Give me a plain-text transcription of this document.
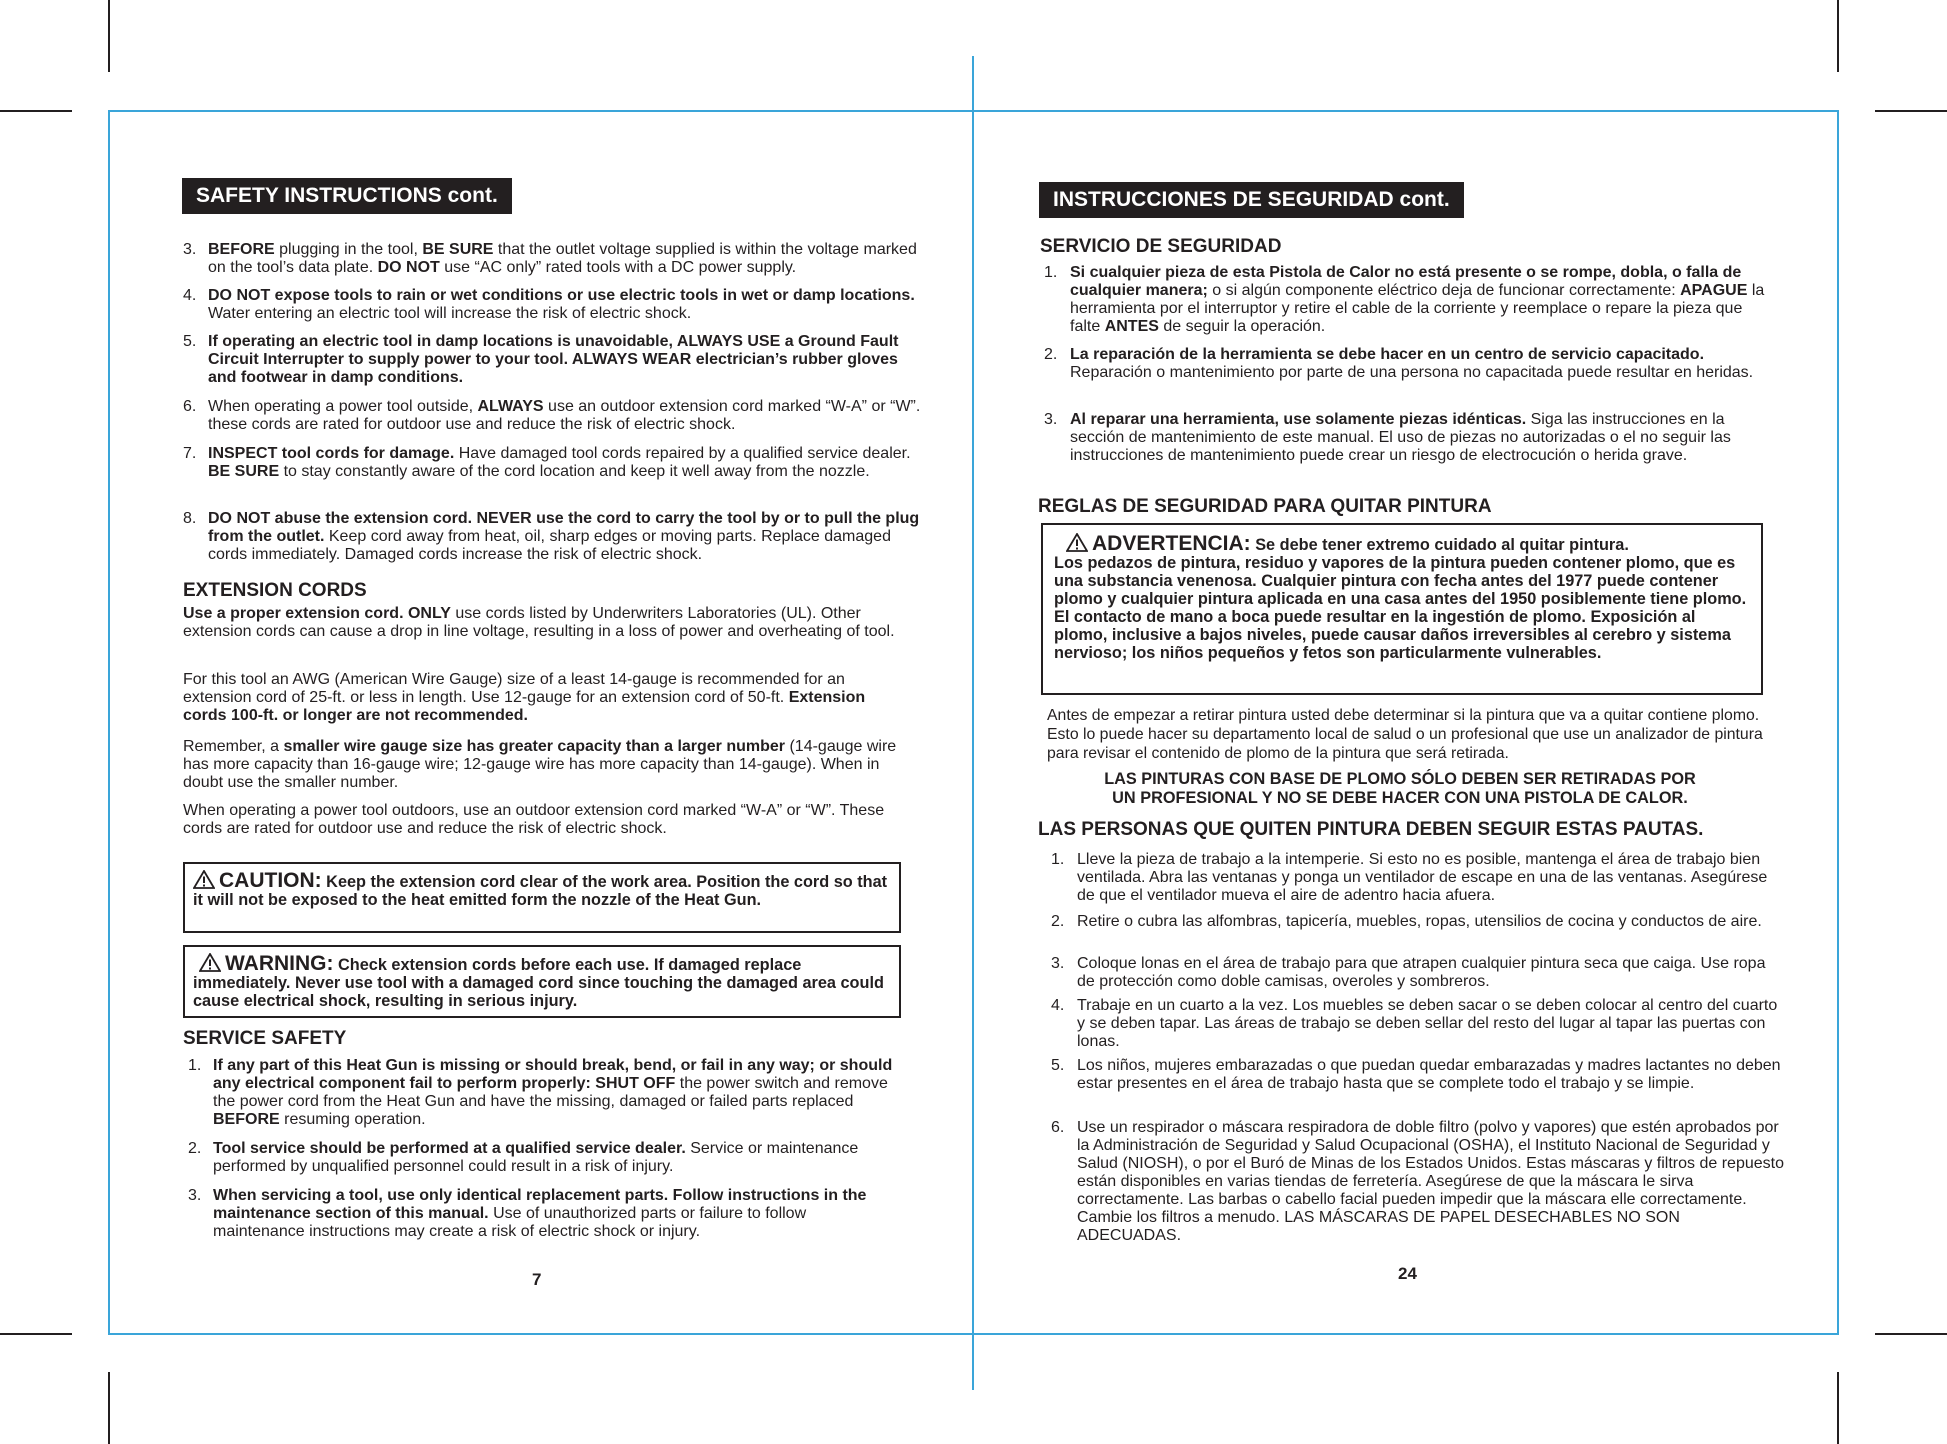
SAFETY INSTRUCTIONS cont.
3. BEFORE plugging in the tool, BE SURE that the outlet voltage supplied is within the voltage marked on the tool’s data plate. DO NOT use “AC only” rated tools with a DC power supply.
4. DO NOT expose tools to rain or wet conditions or use electric tools in wet or damp locations. Water entering an electric tool will increase the risk of electric shock.
5. If operating an electric tool in damp locations is unavoidable, ALWAYS USE a Ground Fault Circuit Interrupter to supply power to your tool. ALWAYS WEAR electrician’s rubber gloves and footwear in damp conditions.
6. When operating a power tool outside, ALWAYS use an outdoor extension cord marked “W-A” or “W”. these cords are rated for outdoor use and reduce the risk of electric shock.
7. INSPECT tool cords for damage. Have damaged tool cords repaired by a qualified service dealer. BE SURE to stay constantly aware of the cord location and keep it well away from the nozzle.
8. DO NOT abuse the extension cord. NEVER use the cord to carry the tool by or to pull the plug from the outlet. Keep cord away from heat, oil, sharp edges or moving parts. Replace damaged cords immediately. Damaged cords increase the risk of electric shock.
EXTENSION CORDS

Use a proper extension cord. ONLY use cords listed by Underwriters Laboratories (UL). Other extension cords can cause a drop in line voltage, resulting in a loss of power and overheating of tool.

For this tool an AWG (American Wire Gauge) size of a least 14-gauge is recommended for an extension cord of 25-ft. or less in length. Use 12-gauge for an extension cord of 50-ft. Extension cords 100-ft. or longer are not recommended.

Remember, a smaller wire gauge size has greater capacity than a larger number (14-gauge wire has more capacity than 16-gauge wire; 12-gauge wire has more capacity than 14-gauge). When in doubt use the smaller number.

When operating a power tool outdoors, use an outdoor extension cord marked “W-A” or “W”. These cords are rated for outdoor use and reduce the risk of electric shock.

CAUTION: Keep the extension cord clear of the work area. Position the cord so that it will not be exposed to the heat emitted form the nozzle of the Heat Gun.
WARNING: Check extension cords before each use. If damaged replace immediately. Never use tool with a damaged cord since touching the damaged area could cause electrical shock, resulting in serious injury.
SERVICE SAFETY
1. If any part of this Heat Gun is missing or should break, bend, or fail in any way; or should any electrical component fail to perform properly: SHUT OFF the power switch and remove the power cord from the Heat Gun and have the missing, damaged or failed parts replaced BEFORE resuming operation.
2. Tool service should be performed at a qualified service dealer. Service or maintenance performed by unqualified personnel could result in a risk of injury.
3. When servicing a tool, use only identical replacement parts. Follow instructions in the maintenance section of this manual. Use of unauthorized parts or failure to follow maintenance instructions may create a risk of electric shock or injury.
7
INSTRUCCIONES DE SEGURIDAD cont.
SERVICIO DE SEGURIDAD
1. Si cualquier pieza de esta Pistola de Calor no está presente o se rompe, dobla, o falla de cualquier manera; o si algún componente eléctrico deja de funcionar correctamente: APAGUE la herramienta por el interruptor y retire el cable de la corriente y reemplace o repare la pieza que falte ANTES de seguir la operación.
2. La reparación de la herramienta se debe hacer en un centro de servicio capacitado. Reparación o mantenimiento por parte de una persona no capacitada puede resultar en heridas.
3. Al reparar una herramienta, use solamente piezas idénticas. Siga las instrucciones en la sección de mantenimiento de este manual. El uso de piezas no autorizadas o el no seguir las instrucciones de mantenimiento puede crear un riesgo de electrocución o herida grave.
REGLAS DE SEGURIDAD PARA QUITAR PINTURA
ADVERTENCIA: Se debe tener extremo cuidado al quitar pintura.
Los pedazos de pintura, residuo y vapores de la pintura pueden contener plomo, que es una substancia venenosa. Cualquier pintura con fecha antes del 1977 puede contener plomo y cualquier pintura aplicada en una casa antes del 1950 posiblemente tiene plomo. El contacto de mano a boca puede resultar en la ingestión de plomo. Exposición al plomo, inclusive a bajos niveles, puede causar daños irreversibles al cerebro y sistema nervioso; los niños pequeños y fetos son particularmente vulnerables.

Antes de empezar a retirar pintura usted debe determinar si la pintura que va a quitar contiene plomo. Esto lo puede hacer su departamento local de salud o un profesional que use un analizador de pintura para revisar el contenido de plomo de la pintura que será retirada.

LAS PINTURAS CON BASE DE PLOMO SÓLO DEBEN SER RETIRADAS POR
UN PROFESIONAL Y NO SE DEBE HACER CON UNA PISTOLA DE CALOR.
LAS PERSONAS QUE QUITEN PINTURA DEBEN SEGUIR ESTAS PAUTAS.
1. Lleve la pieza de trabajo a la intemperie. Si esto no es posible, mantenga el área de trabajo bien ventilada. Abra las ventanas y ponga un ventilador de escape en una de las ventanas. Asegúrese de que el ventilador mueva el aire de adentro hacia afuera.
2. Retire o cubra las alfombras, tapicería, muebles, ropas, utensilios de cocina y conductos de aire.
3. Coloque lonas en el área de trabajo para que atrapen cualquier pintura seca que caiga. Use ropa de protección como doble camisas, overoles y sombreros.
4. Trabaje en un cuarto a la vez. Los muebles se deben sacar o se deben colocar al centro del cuarto y se deben tapar. Las áreas de trabajo se deben sellar del resto del lugar al tapar las puertas con lonas.
5. Los niños, mujeres embarazadas o que puedan quedar embarazadas y madres lactantes no deben estar presentes en el área de trabajo hasta que se complete todo el trabajo y se limpie.
6. Use un respirador o máscara respiradora de doble filtro (polvo y vapores) que estén aprobados por la Administración de Seguridad y Salud Ocupacional (OSHA), el Instituto Nacional de Seguridad y Salud (NIOSH), o por el Buró de Minas de los Estados Unidos. Estas máscaras y filtros de repuesto están disponibles en varias tiendas de ferretería. Asegúrese de que la máscara le sirva correctamente. Las barbas o cabello facial pueden impedir que la máscara elle correctamente. Cambie los filtros a menudo. LAS MÁSCARAS DE PAPEL DESECHABLES NO SON ADECUADAS.
24
